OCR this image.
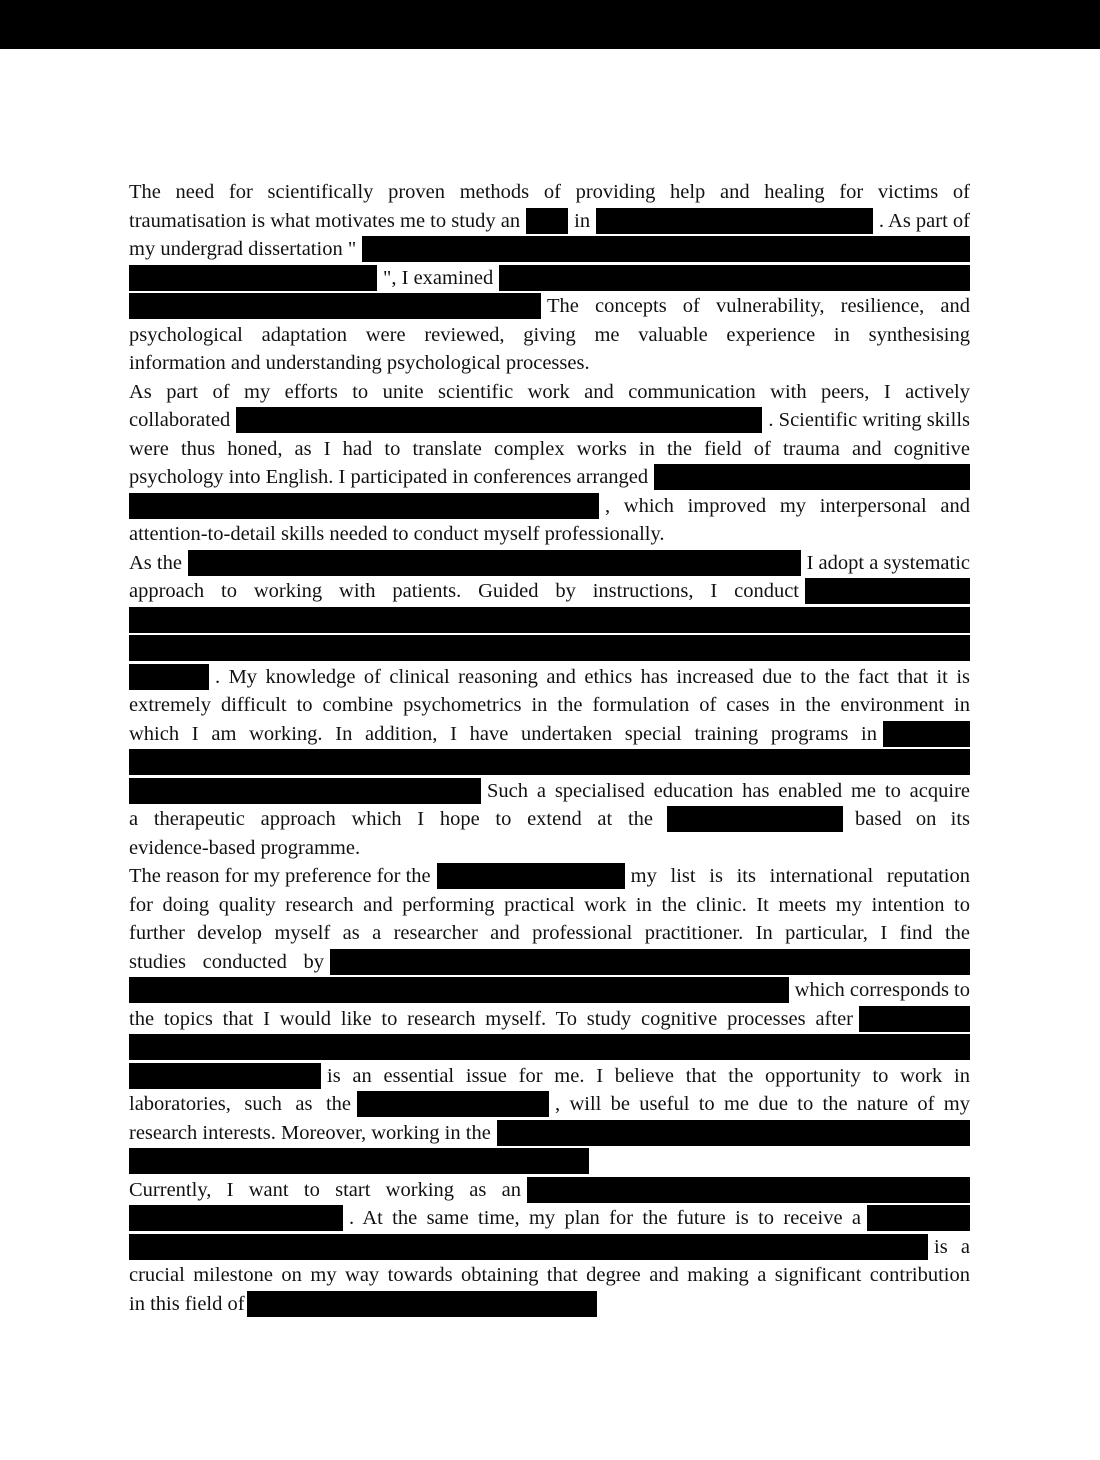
The need for scientifically proven methods of providing help and healing for victims of
traumatisation is what motivates me to study an	in	. As part of
my undergrad dissertation "
", I examined
The concepts of vulnerability, resilience, and
psychological adaptation were reviewed, giving me valuable experience in synthesising
information and understanding psychological processes.
As part of my efforts to unite scientific work and communication with peers, I actively
collaborated	. Scientific writing skills
were thus honed, as I had to translate complex works in the field of trauma and cognitive
psychology into English. I participated in conferences arranged
, which improved my interpersonal and
attention-to-detail skills needed to conduct myself professionally.
As the	I adopt a systematic
approach to working with patients. Guided by instructions, I conduct
. My knowledge of clinical reasoning and ethics has increased due to the fact that it is
extremely difficult to combine psychometrics in the formulation of cases in the environment in
which I am working. In addition, I have undertaken special training programs in
Such a specialised education has enabled me to acquire
a therapeutic approach which I hope to extend at the	based on its
evidence-based programme.
The reason for my preference for the	my list is its international reputation
for doing quality research and performing practical work in the clinic. It meets my intention to
further develop myself as a researcher and professional practitioner. In particular, I find the
studies conducted by
which corresponds to
the topics that I would like to research myself. To study cognitive processes after
is an essential issue for me. I believe that the opportunity to work in
laboratories, such as the	, will be useful to me due to the nature of my
research interests. Moreover, working in the
Currently, I want to start working as an
. At the same time, my plan for the future is to receive a
is a
crucial milestone on my way towards obtaining that degree and making a significant contribution
in this field of
